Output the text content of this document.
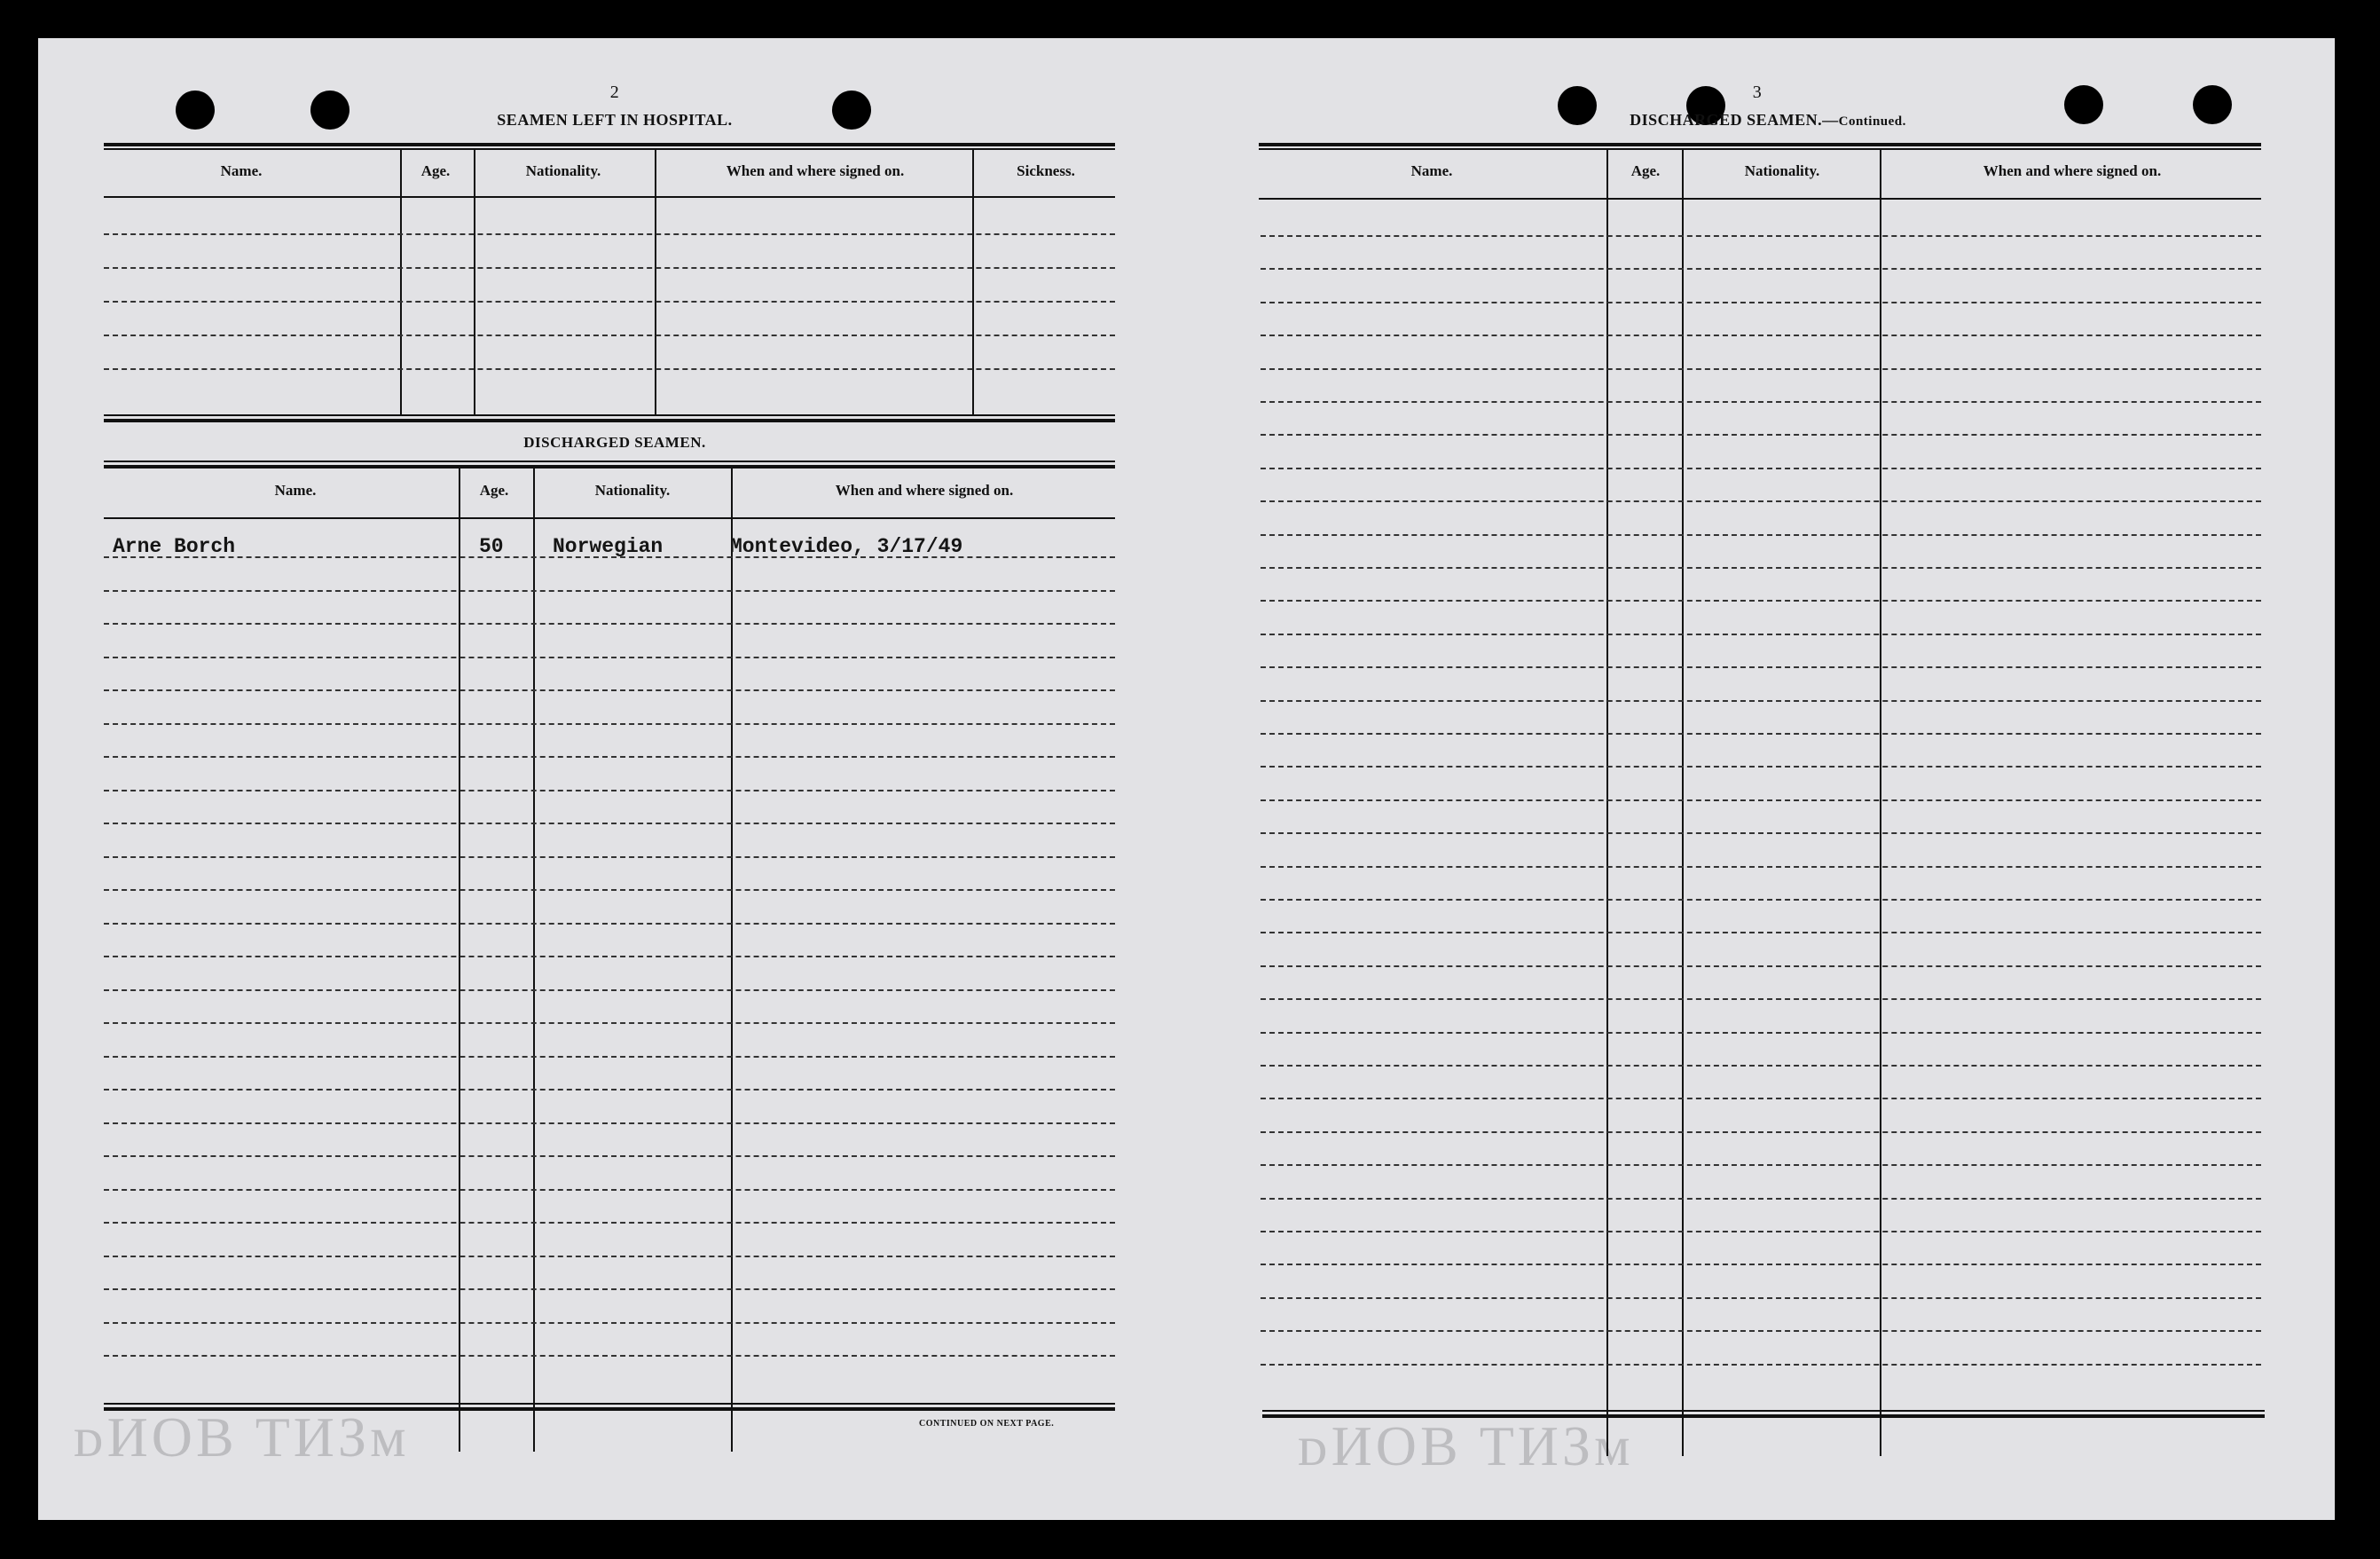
ᴅИОВ ТИЗᴍ	ᴅИОВ ТИЗᴍ
2
SEAMEN LEFT IN HOSPITAL.
Name.	Age.	Nationality.	When and where signed on.	Sickness.
DISCHARGED SEAMEN.
Name.	Age.	Nationality.	When and where signed on.
Arne Borch	50 Norwegian	Montevideo, 3/17/49
CONTINUED ON NEXT PAGE.
3
DISCHARGED SEAMEN.—Continued.
Name.	Age.	Nationality.	When and where signed on.
